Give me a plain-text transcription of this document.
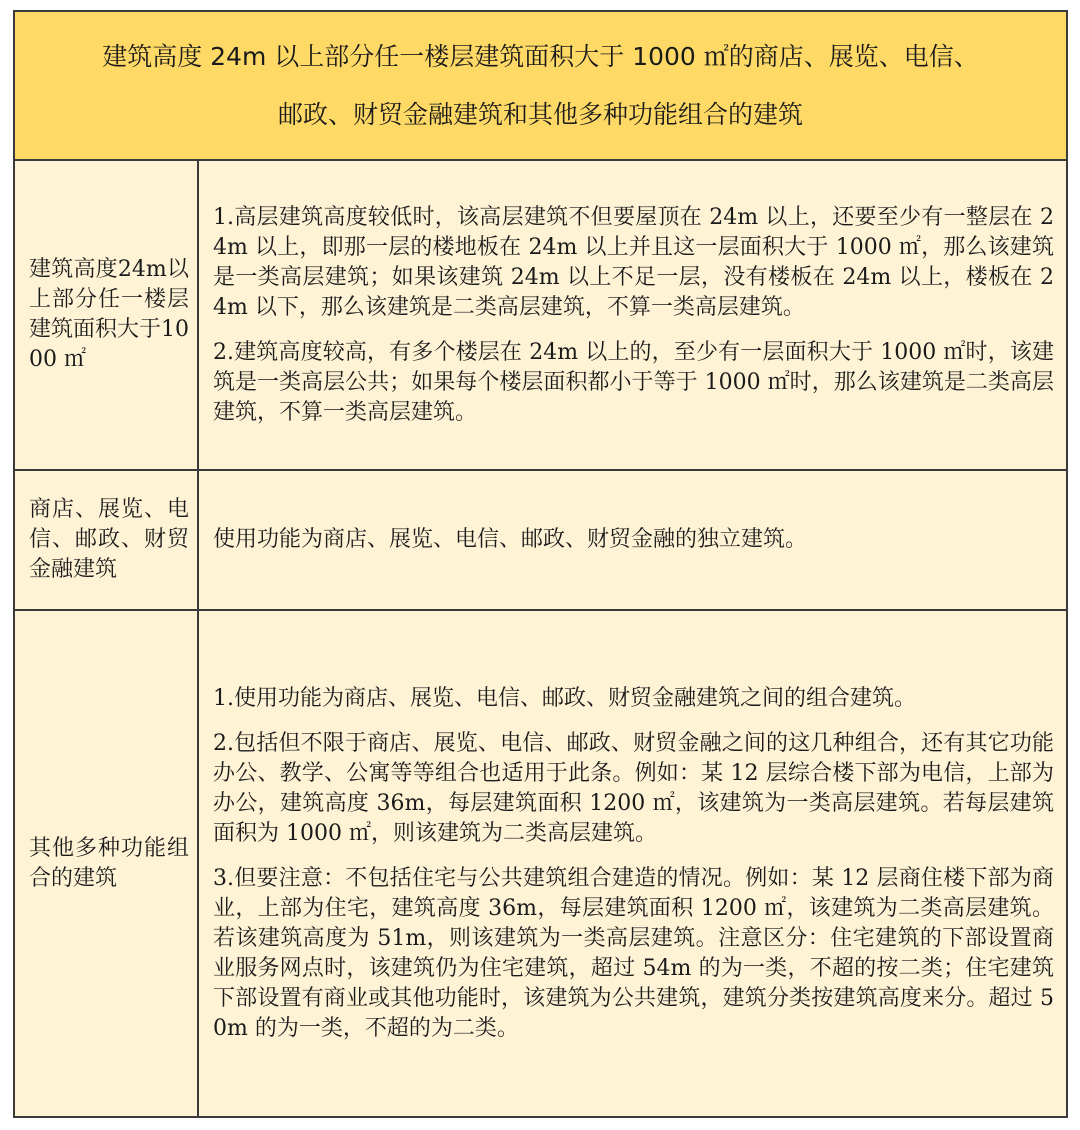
建筑高度 24m 以上部分任一楼层建筑面积大于 1000 ㎡的商店、展览、电信、
邮政、财贸金融建筑和其他多种功能组合的建筑
建筑高度24m以上部分任一楼层建筑面积大于1000 ㎡

1.高层建筑高度较低时，该高层建筑不但要屋顶在 24m 以上，还要至少有一整层在 24m 以上，即那一层的楼地板在 24m 以上并且这一层面积大于 1000 ㎡，那么该建筑是一类高层建筑；如果该建筑 24m 以上不足一层，没有楼板在 24m 以上，楼板在 24m 以下，那么该建筑是二类高层建筑，不算一类高层建筑。

2.建筑高度较高，有多个楼层在 24m 以上的，至少有一层面积大于 1000 ㎡时，该建筑是一类高层公共；如果每个楼层面积都小于等于 1000 ㎡时，那么该建筑是二类高层建筑，不算一类高层建筑。

商店、展览、电信、邮政、财贸金融建筑

使用功能为商店、展览、电信、邮政、财贸金融的独立建筑。

其他多种功能组合的建筑

1.使用功能为商店、展览、电信、邮政、财贸金融建筑之间的组合建筑。

2.包括但不限于商店、展览、电信、邮政、财贸金融之间的这几种组合，还有其它功能办公、教学、公寓等等组合也适用于此条。例如：某 12 层综合楼下部为电信，上部为办公，建筑高度 36m，每层建筑面积 1200 ㎡，该建筑为一类高层建筑。若每层建筑面积为 1000 ㎡，则该建筑为二类高层建筑。

3.但要注意：不包括住宅与公共建筑组合建造的情况。例如：某 12 层商住楼下部为商业，上部为住宅，建筑高度 36m，每层建筑面积 1200 ㎡，该建筑为二类高层建筑。若该建筑高度为 51m，则该建筑为一类高层建筑。注意区分：住宅建筑的下部设置商业服务网点时，该建筑仍为住宅建筑，超过 54m 的为一类，不超的按二类；住宅建筑下部设置有商业或其他功能时，该建筑为公共建筑，建筑分类按建筑高度来分。超过 50m 的为一类，不超的为二类。
